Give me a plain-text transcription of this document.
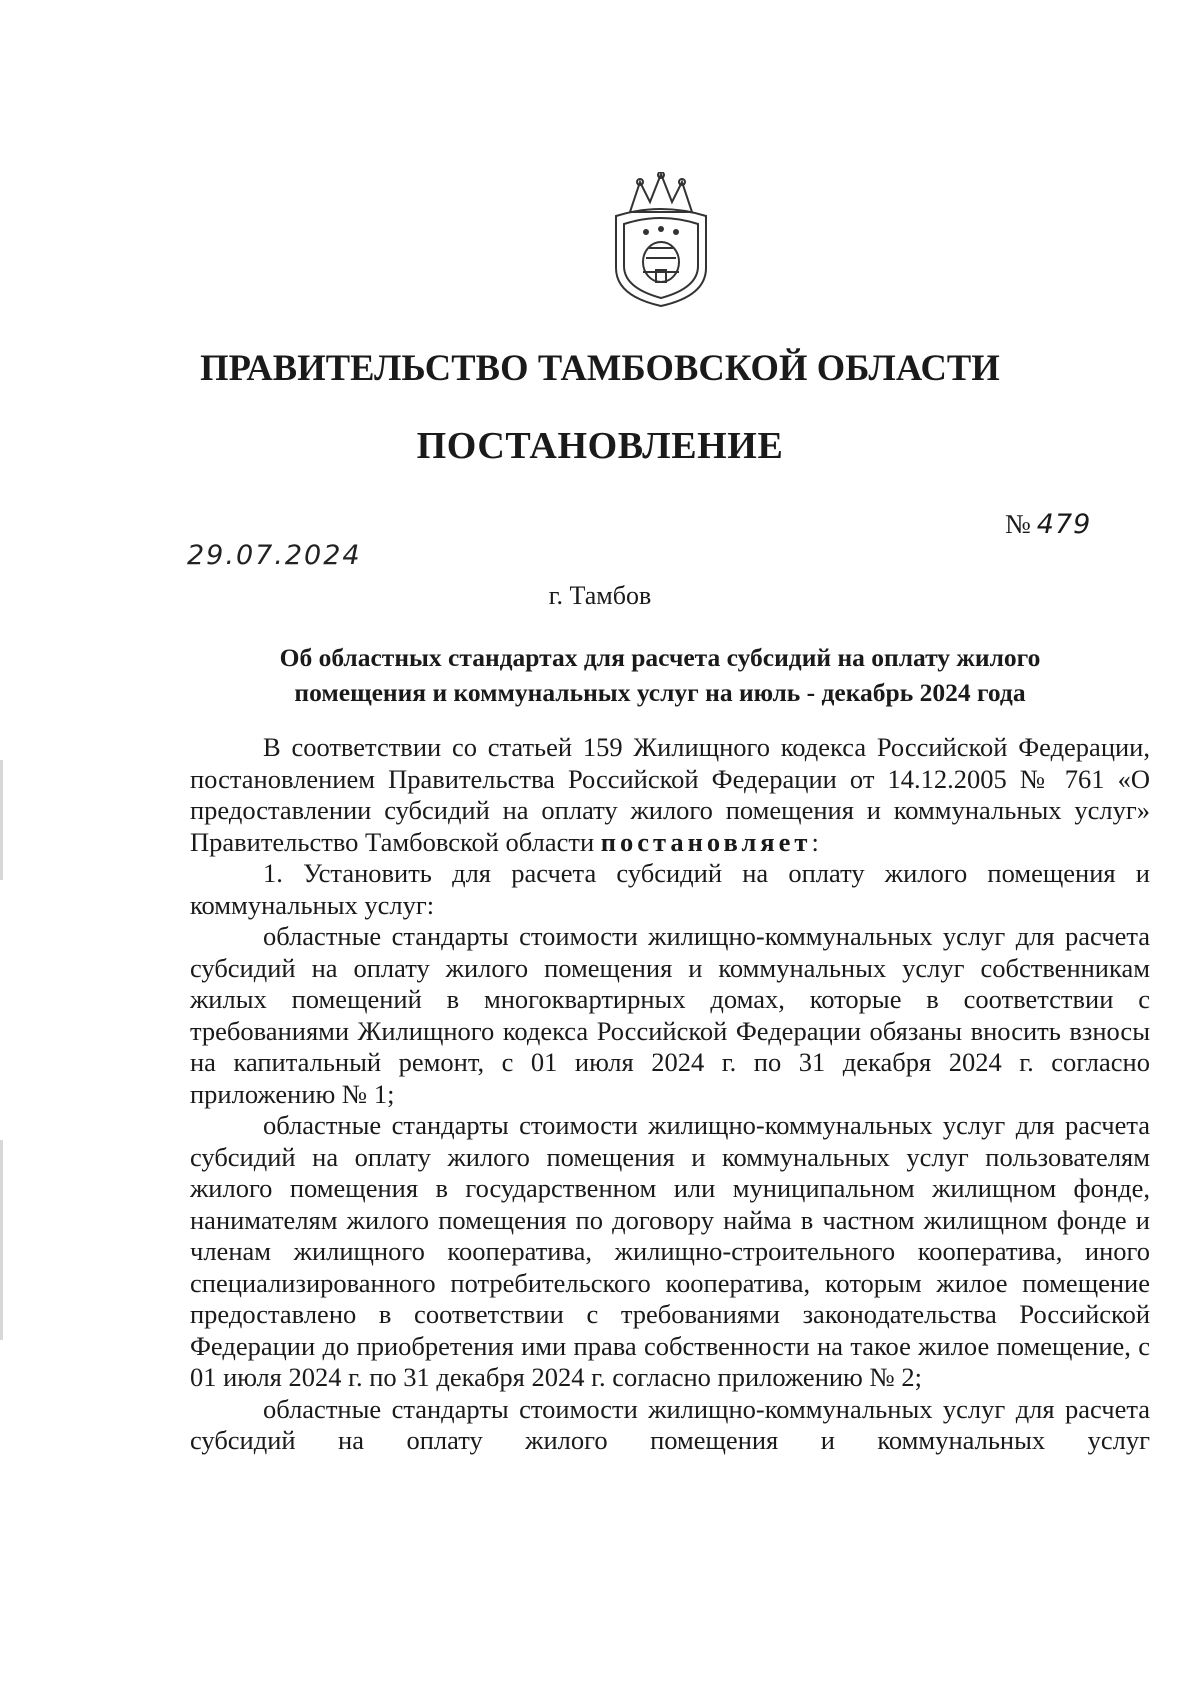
ПРАВИТЕЛЬСТВО ТАМБОВСКОЙ ОБЛАСТИ
ПОСТАНОВЛЕНИЕ
29.07.2024
№ 479
г. Тамбов
Об областных стандартах для расчета субсидий на оплату жилого
помещения и коммунальных услуг на июль - декабрь 2024 года

В соответствии со статьей 159 Жилищного кодекса Российской Федерации, постановлением Правительства Российской Федерации от 14.12.2005 № 761 «О предоставлении субсидий на оплату жилого помещения и коммунальных услуг» Правительство Тамбовской области постановляет:

1. Установить для расчета субсидий на оплату жилого помещения и коммунальных услуг:

областные стандарты стоимости жилищно-коммунальных услуг для расчета субсидий на оплату жилого помещения и коммунальных услуг собственникам жилых помещений в многоквартирных домах, которые в соответствии с требованиями Жилищного кодекса Российской Федерации обязаны вносить взносы на капитальный ремонт, с 01 июля 2024 г. по 31 декабря 2024 г. согласно приложению № 1;

областные стандарты стоимости жилищно-коммунальных услуг для расчета субсидий на оплату жилого помещения и коммунальных услуг пользователям жилого помещения в государственном или муниципальном жилищном фонде, нанимателям жилого помещения по договору найма в частном жилищном фонде и членам жилищного кооператива, жилищно-строительного кооператива, иного специализированного потребительского кооператива, которым жилое помещение предоставлено в соответствии с требованиями законодательства Российской Федерации до приобретения ими права собственности на такое жилое помещение, с 01 июля 2024 г. по 31 декабря 2024 г. согласно приложению № 2;

областные стандарты стоимости жилищно-коммунальных услуг для расчета субсидий на оплату жилого помещения и коммунальных услуг
